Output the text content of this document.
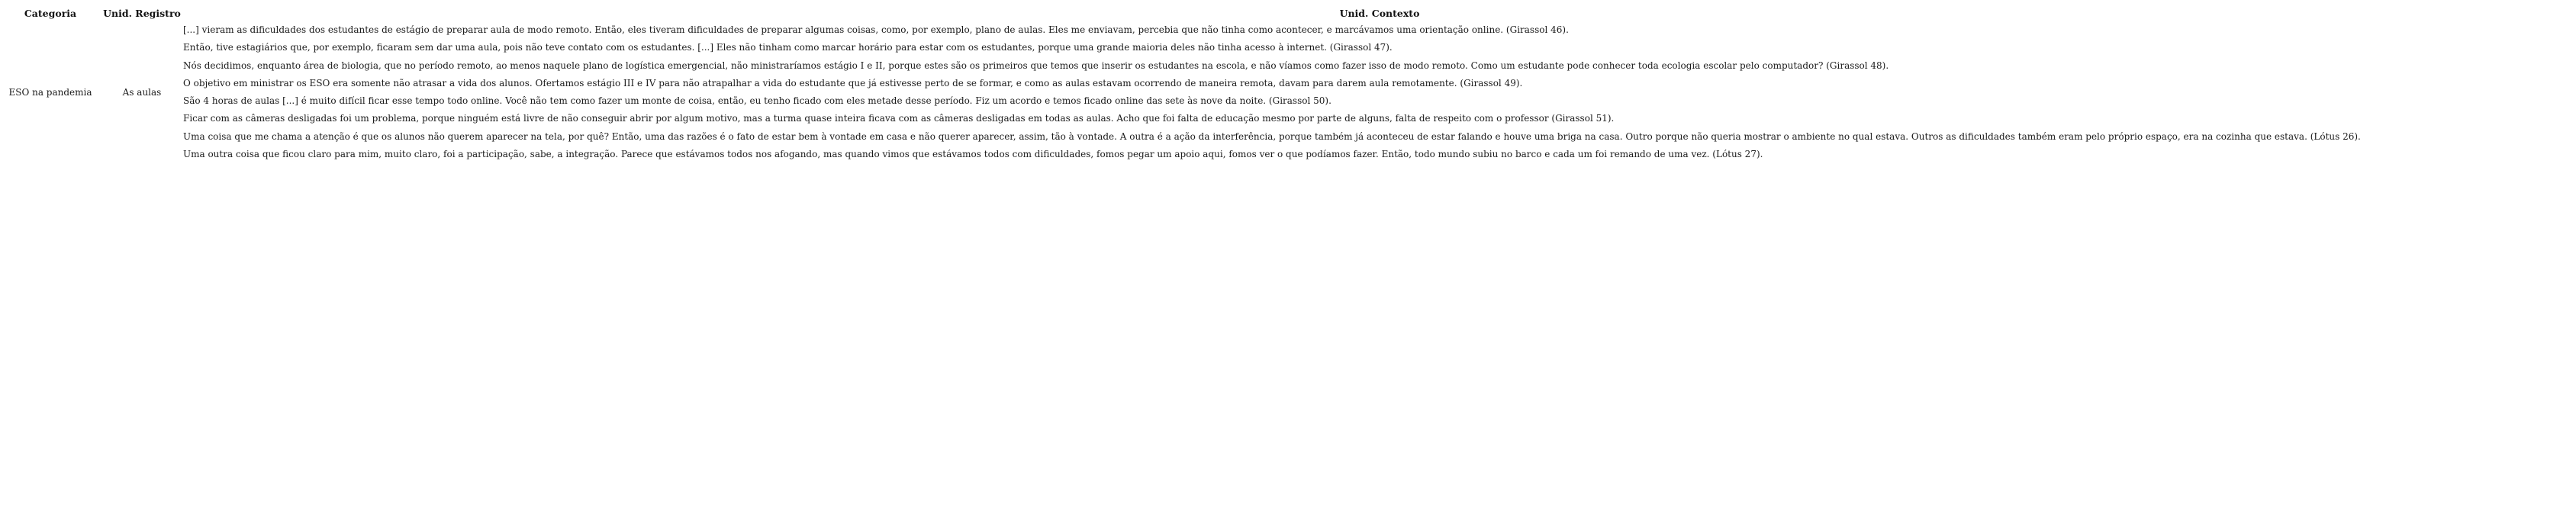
Categoria	Unid. Registro	Unid. Contexto
ESO na pandemia	As aulas	[...] vieram as dificuldades dos estudantes de estágio de preparar aula de modo remoto. Então, eles tiveram dificuldades de preparar algumas coisas, como, por exemplo, plano de aulas. Eles me enviavam, percebia que não tinha como acontecer, e marcávamos uma orientação online. (Girassol 46).
		Então, tive estagiários que, por exemplo, ficaram sem dar uma aula, pois não teve contato com os estudantes. [...] Eles não tinham como marcar horário para estar com os estudantes, porque uma grande maioria deles não tinha acesso à internet. (Girassol 47).
		Nós decidimos, enquanto área de biologia, que no período remoto, ao menos naquele plano de logística emergencial, não ministraríamos estágio I e II, porque estes são os primeiros que temos que inserir os estudantes na escola, e não víamos como fazer isso de modo remoto. Como um estudante pode conhecer toda ecologia escolar pelo computador? (Girassol 48).
		O objetivo em ministrar os ESO era somente não atrasar a vida dos alunos. Ofertamos estágio III e IV para não atrapalhar a vida do estudante que já estivesse perto de se formar, e como as aulas estavam ocorrendo de maneira remota, davam para darem aula remotamente. (Girassol 49).
		São 4 horas de aulas [...] é muito difícil ficar esse tempo todo online. Você não tem como fazer um monte de coisa, então, eu tenho ficado com eles metade desse período. Fiz um acordo e temos ficado online das sete às nove da noite. (Girassol 50).
		Ficar com as câmeras desligadas foi um problema, porque ninguém está livre de não conseguir abrir por algum motivo, mas a turma quase inteira ficava com as câmeras desligadas em todas as aulas. Acho que foi falta de educação mesmo por parte de alguns, falta de respeito com o professor (Girassol 51).
		Uma coisa que me chama a atenção é que os alunos não querem aparecer na tela, por quê? Então, uma das razões é o fato de estar bem à vontade em casa e não querer aparecer, assim, tão à vontade. A outra é a ação da interferência, porque também já aconteceu de estar falando e houve uma briga na casa. Outro porque não queria mostrar o ambiente no qual estava. Outros as dificuldades também eram pelo próprio espaço, era na cozinha que estava. (Lótus 26).
		Uma outra coisa que ficou claro para mim, muito claro, foi a participação, sabe, a integração. Parece que estávamos todos nos afogando, mas quando vimos que estávamos todos com dificuldades, fomos pegar um apoio aqui, fomos ver o que podíamos fazer. Então, todo mundo subiu no barco e cada um foi remando de uma vez. (Lótus 27).
